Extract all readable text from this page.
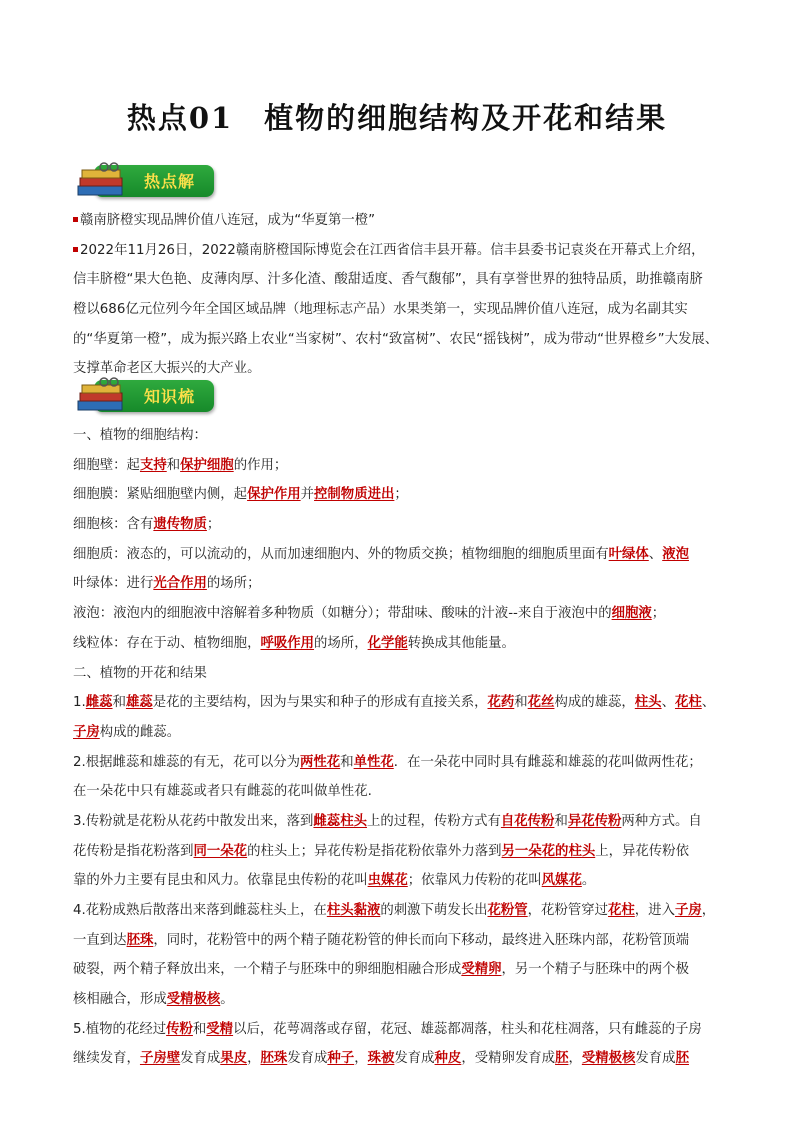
热点01　植物的细胞结构及开花和结果
热点解
赣南脐橙实现品牌价值八连冠，成为“华夏第一橙”
2022年11月26日，2022赣南脐橙国际博览会在江西省信丰县开幕。信丰县委书记袁炎在开幕式上介绍，
信丰脐橙“果大色艳、皮薄肉厚、汁多化渣、酸甜适度、香气馥郁”，具有享誉世界的独特品质，助推赣南脐
橙以686亿元位列今年全国区域品牌（地理标志产品）水果类第一，实现品牌价值八连冠，成为名副其实
的“华夏第一橙”，成为振兴路上农业“当家树”、农村“致富树”、农民“摇钱树”，成为带动“世界橙乡”大发展、
支撑革命老区大振兴的大产业。
知识梳
一、植物的细胞结构：
细胞壁：起支持和保护细胞的作用；
细胞膜：紧贴细胞壁内侧，起保护作用并控制物质进出；
细胞核：含有遗传物质；
细胞质：液态的，可以流动的，从而加速细胞内、外的物质交换；植物细胞的细胞质里面有叶绿体、液泡
叶绿体：进行光合作用的场所；
液泡：液泡内的细胞液中溶解着多种物质（如糖分）；带甜味、酸味的汁液--来自于液泡中的细胞液；
线粒体：存在于动、植物细胞，呼吸作用的场所，化学能转换成其他能量。
二、植物的开花和结果
1.雌蕊和雄蕊是花的主要结构，因为与果实和种子的形成有直接关系，花药和花丝构成的雄蕊，柱头、花柱、
子房构成的雌蕊。
2.根据雌蕊和雄蕊的有无，花可以分为两性花和单性花．在一朵花中同时具有雌蕊和雄蕊的花叫做两性花；
在一朵花中只有雄蕊或者只有雌蕊的花叫做单性花.
3.传粉就是花粉从花药中散发出来，落到雌蕊柱头上的过程，传粉方式有自花传粉和异花传粉两种方式。自
花传粉是指花粉落到同一朵花的柱头上；异花传粉是指花粉依靠外力落到另一朵花的柱头上，异花传粉依
靠的外力主要有昆虫和风力。依靠昆虫传粉的花叫虫媒花；依靠风力传粉的花叫风媒花。
4.花粉成熟后散落出来落到雌蕊柱头上，在柱头黏液的刺激下萌发长出花粉管，花粉管穿过花柱，进入子房，
一直到达胚珠，同时，花粉管中的两个精子随花粉管的伸长而向下移动，最终进入胚珠内部，花粉管顶端
破裂，两个精子释放出来，一个精子与胚珠中的卵细胞相融合形成受精卵，另一个精子与胚珠中的两个极
核相融合，形成受精极核。
5.植物的花经过传粉和受精以后，花萼凋落或存留，花冠、雄蕊都凋落，柱头和花柱凋落，只有雌蕊的子房
继续发育，子房壁发育成果皮，胚珠发育成种子，珠被发育成种皮，受精卵发育成胚，受精极核发育成胚
